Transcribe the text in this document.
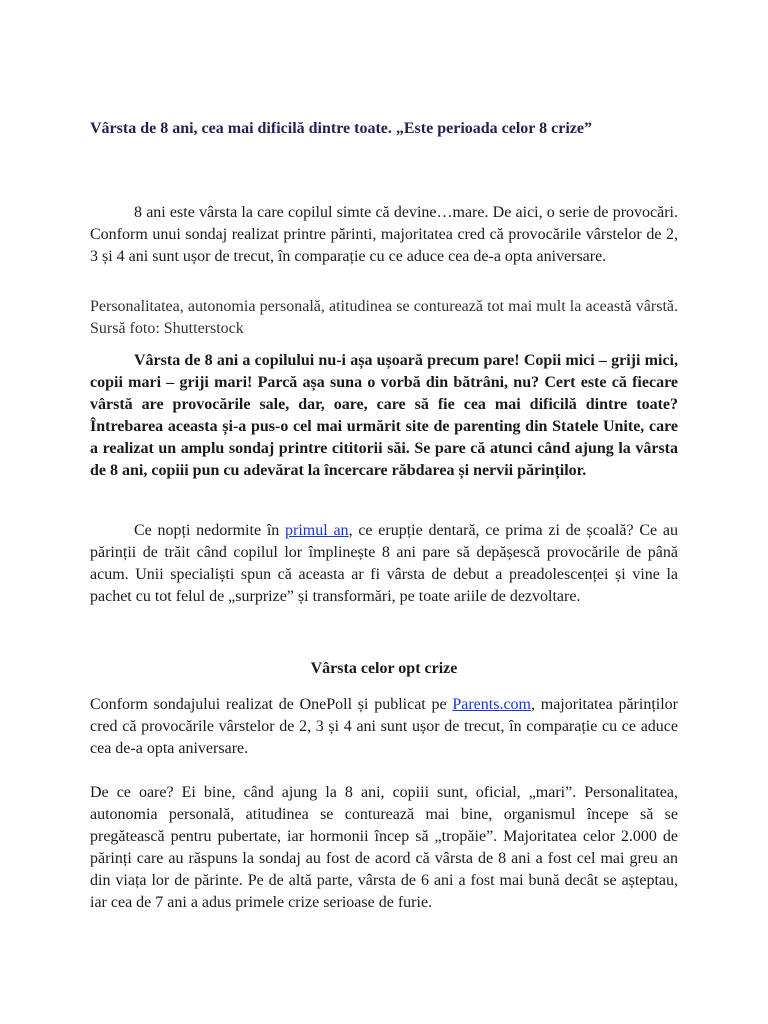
Vârsta de 8 ani, cea mai dificilă dintre toate. „Este perioada celor 8 crize”

8 ani este vârsta la care copilul simte că devine…mare. De aici, o serie de provocări. Conform unui sondaj realizat printre părinti, majoritatea cred că provocările vârstelor de 2, 3 și 4 ani sunt ușor de trecut, în comparație cu ce aduce cea de-a opta aniversare.

Personalitatea, autonomia personală, atitudinea se conturează tot mai mult la această vârstă. Sursă foto: Shutterstock

Vârsta de 8 ani a copilului nu-i așa ușoară precum pare! Copii mici – griji mici, copii mari – griji mari! Parcă așa suna o vorbă din bătrâni, nu? Cert este că fiecare vârstă are provocările sale, dar, oare, care să fie cea mai dificilă dintre toate? Întrebarea aceasta și-a pus-o cel mai urmărit site de parenting din Statele Unite, care a realizat un amplu sondaj printre cititorii săi. Se pare că atunci când ajung la vârsta de 8 ani, copiii pun cu adevărat la încercare răbdarea și nervii părinților.

Ce nopți nedormite în primul an, ce erupție dentară, ce prima zi de școală? Ce au părinții de trăit când copilul lor împlinește 8 ani pare să depășescă provocările de până acum. Unii specialiști spun că aceasta ar fi vârsta de debut a preadolescenței și vine la pachet cu tot felul de „surprize” și transformări, pe toate ariile de dezvoltare.

Vârsta celor opt crize

Conform sondajului realizat de OnePoll și publicat pe Parents.com, majoritatea părinților cred că provocările vârstelor de 2, 3 și 4 ani sunt ușor de trecut, în comparație cu ce aduce cea de-a opta aniversare.

De ce oare? Ei bine, când ajung la 8 ani, copiii sunt, oficial, „mari”. Personalitatea, autonomia personală, atitudinea se conturează mai bine, organismul începe să se pregătească pentru pubertate, iar hormonii încep să „tropăie”. Majoritatea celor 2.000 de părinți care au răspuns la sondaj au fost de acord că vârsta de 8 ani a fost cel mai greu an din viața lor de părinte. Pe de altă parte, vârsta de 6 ani a fost mai bună decât se așteptau, iar cea de 7 ani a adus primele crize serioase de furie.
